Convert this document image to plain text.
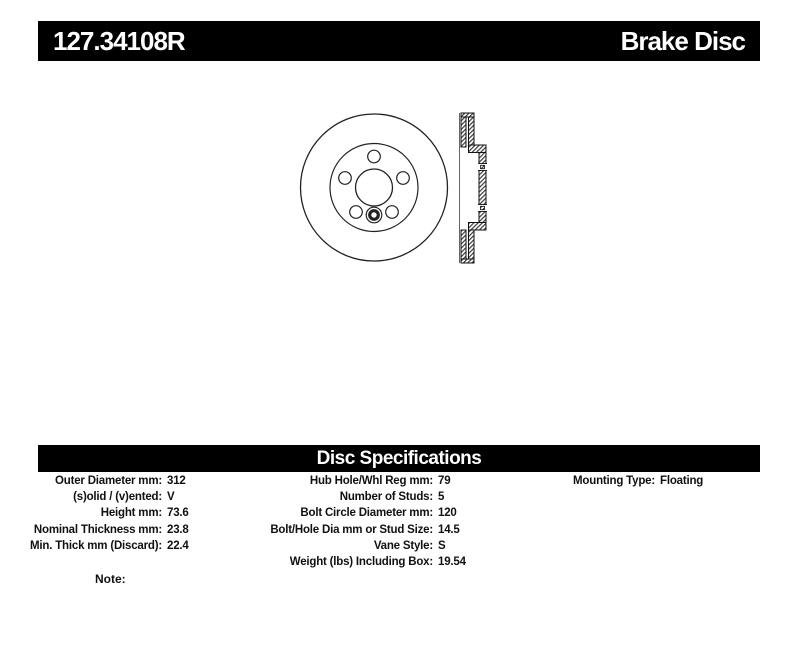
127.34108R	Brake Disc
Disc Specifications
Outer Diameter mm: 312
(s)olid / (v)ented: V
Height mm: 73.6
Nominal Thickness mm: 23.8
Min. Thick mm (Discard): 22.4
Hub Hole/Whl Reg mm: 79
Number of Studs: 5
Bolt Circle Diameter mm: 120
Bolt/Hole Dia mm or Stud Size: 14.5
Vane Style: S
Weight (lbs) Including Box: 19.54
Mounting Type: Floating
Note:
